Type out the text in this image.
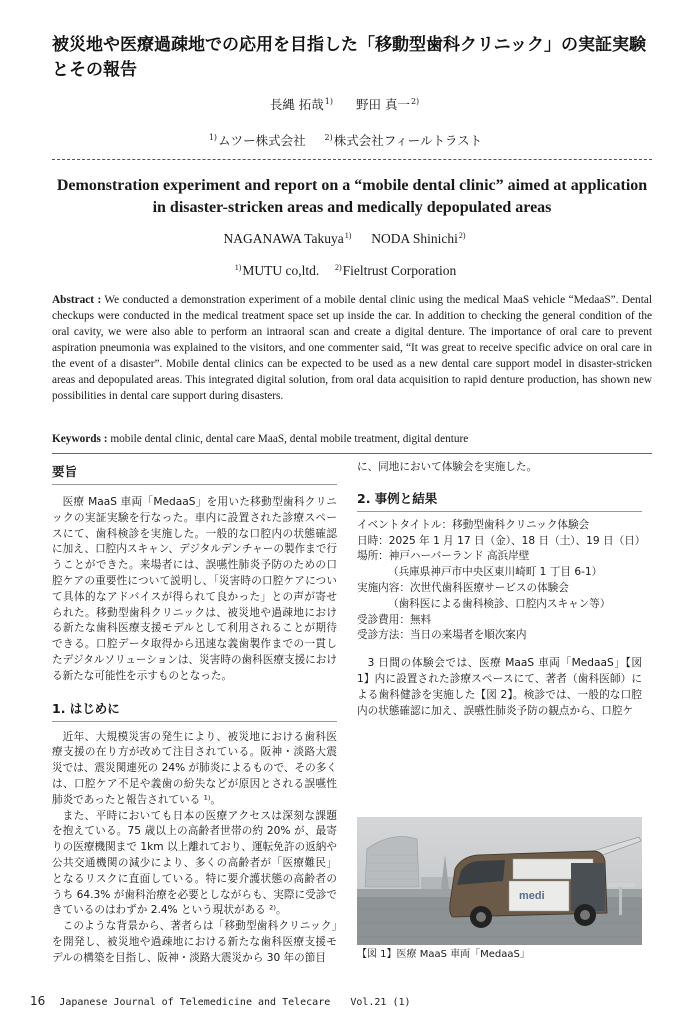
被災地や医療過疎地での応用を目指した「移動型歯科クリニック」の実証実験とその報告
長縄 拓哉$^{1)}$ 野田 真一$^{2)}$
$^{1)}$ムツー株式会社 $^{2)}$株式会社フィールトラスト
Demonstration experiment and report on a “mobile dental clinic” aimed at application in disaster-stricken areas and medically depopulated areas
NAGANAWA Takuya$^{1)}$ NODA Shinichi$^{2)}$
$^{1)}$MUTU co,ltd. $^{2)}$Fieltrust Corporation

Abstract : We conducted a demonstration experiment of a mobile dental clinic using the medical MaaS vehicle “MedaaS”. Dental checkups were conducted in the medical treatment space set up inside the car. In addition to checking the general condition of the oral cavity, we were also able to perform an intraoral scan and create a digital denture. The importance of oral care to prevent aspiration pneumonia was explained to the visitors, and one commenter said, “It was great to receive specific advice on oral care in the event of a disaster”. Mobile dental clinics can be expected to be used as a new dental care support model in disaster-stricken areas and depopulated areas. This integrated digital solution, from oral data acquisition to rapid denture production, has shown new possibilities in dental care support during disasters.

Keywords : mobile dental clinic, dental care MaaS, dental mobile treatment, digital denture
要旨

医療 MaaS 車両「MedaaS」を用いた移動型歯科クリニックの実証実験を行なった。車内に設置された診療スペースにて、歯科検診を実施した。一般的な口腔内の状態確認に加え、口腔内スキャン、デジタルデンチャーの製作まで行うことができた。来場者には、誤嚥性肺炎予防のための口腔ケアの重要性について説明し、「災害時の口腔ケアについて具体的なアドバイスが得られて良かった」との声が寄せられた。移動型歯科クリニックは、被災地や過疎地における新たな歯科医療支援モデルとして利用されることが期待できる。口腔データ取得から迅速な義歯製作までの一貫したデジタルソリューションは、災害時の歯科医療支援における新たな可能性を示すものとなった。

1. はじめに

近年、大規模災害の発生により、被災地における歯科医療支援の在り方が改めて注目されている。阪神・淡路大震災では、震災関連死の 24% が肺炎によるもので、その多くは、口腔ケア不足や義歯の紛失などが原因とされる誤嚥性肺炎であったと報告されている ¹⁾。

また、平時においても日本の医療アクセスは深刻な課題を抱えている。75 歳以上の高齢者世帯の約 20% が、最寄りの医療機関まで 1km 以上離れており、運転免許の返納や公共交通機関の減少により、多くの高齢者が「医療難民」となるリスクに直面している。特に要介護状態の高齢者のうち 64.3% が歯科治療を必要としながらも、実際に受診できているのはわずか 2.4% という現状がある ²⁾。

このような背景から、著者らは「移動型歯科クリニック」を開発し、被災地や過疎地における新たな歯科医療支援モデルの構築を目指し、阪神・淡路大震災から 30 年の節目

に、同地において体験会を実施した。

2. 事例と結果
イベントタイトル：移動型歯科クリニック体験会
日時：2025 年 1 月 17 日（金）、18 日（土）、19 日（日）
場所：神戸ハーバーランド 高浜岸壁
（兵庫県神戸市中央区東川崎町 1 丁目 6-1）
実施内容：次世代歯科医療サービスの体験会
（歯科医による歯科検診、口腔内スキャン等）
受診費用：無料
受診方法：当日の来場者を順次案内

3 日間の体験会では、医療 MaaS 車両「MedaaS」【図 1】内に設置された診療スペースにて、著者（歯科医師）による歯科健診を実施した【図 2】。検診では、一般的な口腔内の状態確認に加え、誤嚥性肺炎予防の観点から、口腔ケ

medi
【図 1】医療 MaaS 車両「MedaaS」
16 Japanese Journal of Telemedicine and Telecare Vol.21 (1)
